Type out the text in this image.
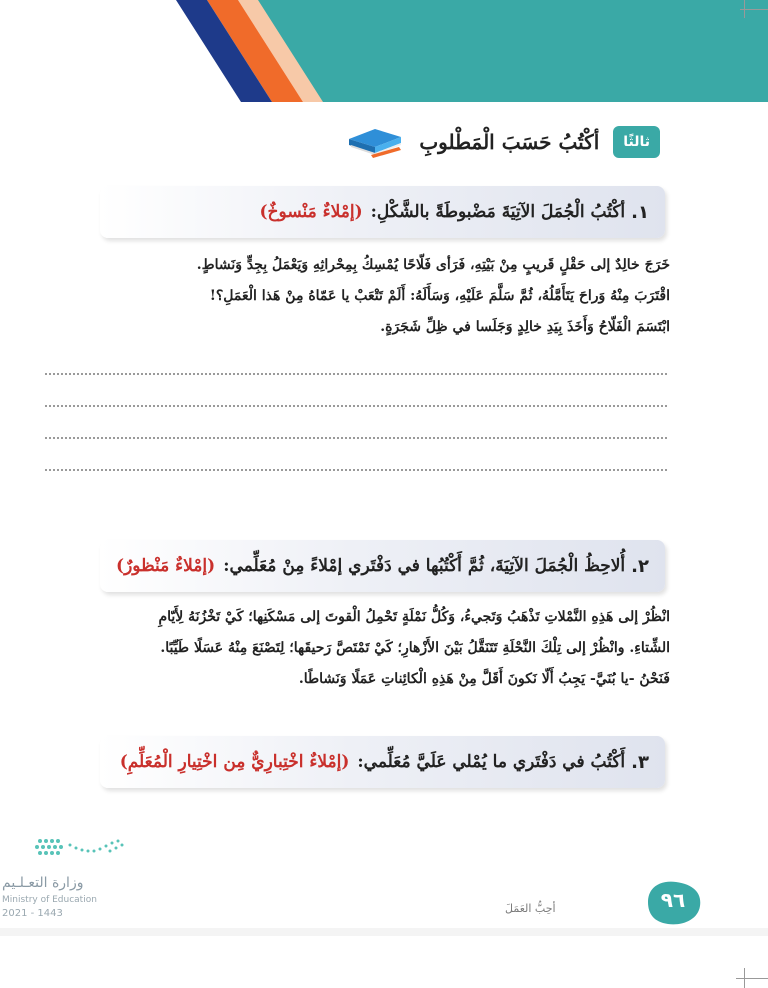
ثالثًا
أكْتُبُ حَسَبَ الْمَطْلوبِ
١.
أكْتُبُ الْجُمَلَ الآتِيَةَ مَضْبوطَةً بالشَّكْلِ:
(إمْلاءٌ مَنْسوخٌ)

خَرَجَ خالِدٌ إلى حَقْلٍ قَريبٍ مِنْ بَيْتِهِ، فَرَأى فَلّاحًا يُمْسِكُ بِمِحْراثِهِ وَيَعْمَلُ بِجِدٍّ وَنَشاطٍ.

اقْتَرَبَ مِنْهُ وَراحَ يَتَأَمَّلُهُ، ثُمَّ سَلَّمَ عَلَيْهِ، وَسَأَلَهُ: أَلَمْ تَتْعَبْ يا عَمّاهُ مِنْ هَذا الْعَمَلِ؟!

ابْتَسَمَ الْفَلّاحُ وَأَخَذَ بِيَدِ خالِدٍ وَجَلَسا في ظِلِّ شَجَرَةٍ.

٢.
أُلاحِظُ الْجُمَلَ الآتِيَةَ، ثُمَّ أَكْتُبُها في دَفْتَري إمْلاءً مِنْ مُعَلِّمي:
(إمْلاءٌ مَنْظورٌ)

انْظُرْ إلى هَذِهِ النَّمْلاتِ تَذْهَبُ وَتَجيءُ، وَكُلُّ نَمْلَةٍ تَحْمِلُ الْقوتَ إلى مَسْكَنِها؛ كَيْ تَخْزُنَهُ لِأَيّامِ

الشِّتاءِ. وانْظُرْ إلى تِلْكَ النَّحْلَةِ تَتَنَقَّلُ بَيْنَ الأَزْهارِ؛ كَيْ تَمْتَصَّ رَحيقَها؛ لِتَصْنَعَ مِنْهُ عَسَلًا طَيِّبًا.

فَنَحْنُ -يا بُنَيَّ- يَجِبُ أَلّا نَكونَ أَقَلَّ مِنْ هَذِهِ الْكائِناتِ عَمَلًا وَنَشاطًا.

٣.
أَكْتُبُ في دَفْتَري ما يُمْلي عَلَيَّ مُعَلِّمي:
(إمْلاءٌ اخْتِبارِيٌّ مِن اخْتِيارِ الْمُعَلِّمِ)
وزارة التعـلـيم
Ministry of Education
2021 - 1443	أحِبُّ العَمَلَ	٩٦
